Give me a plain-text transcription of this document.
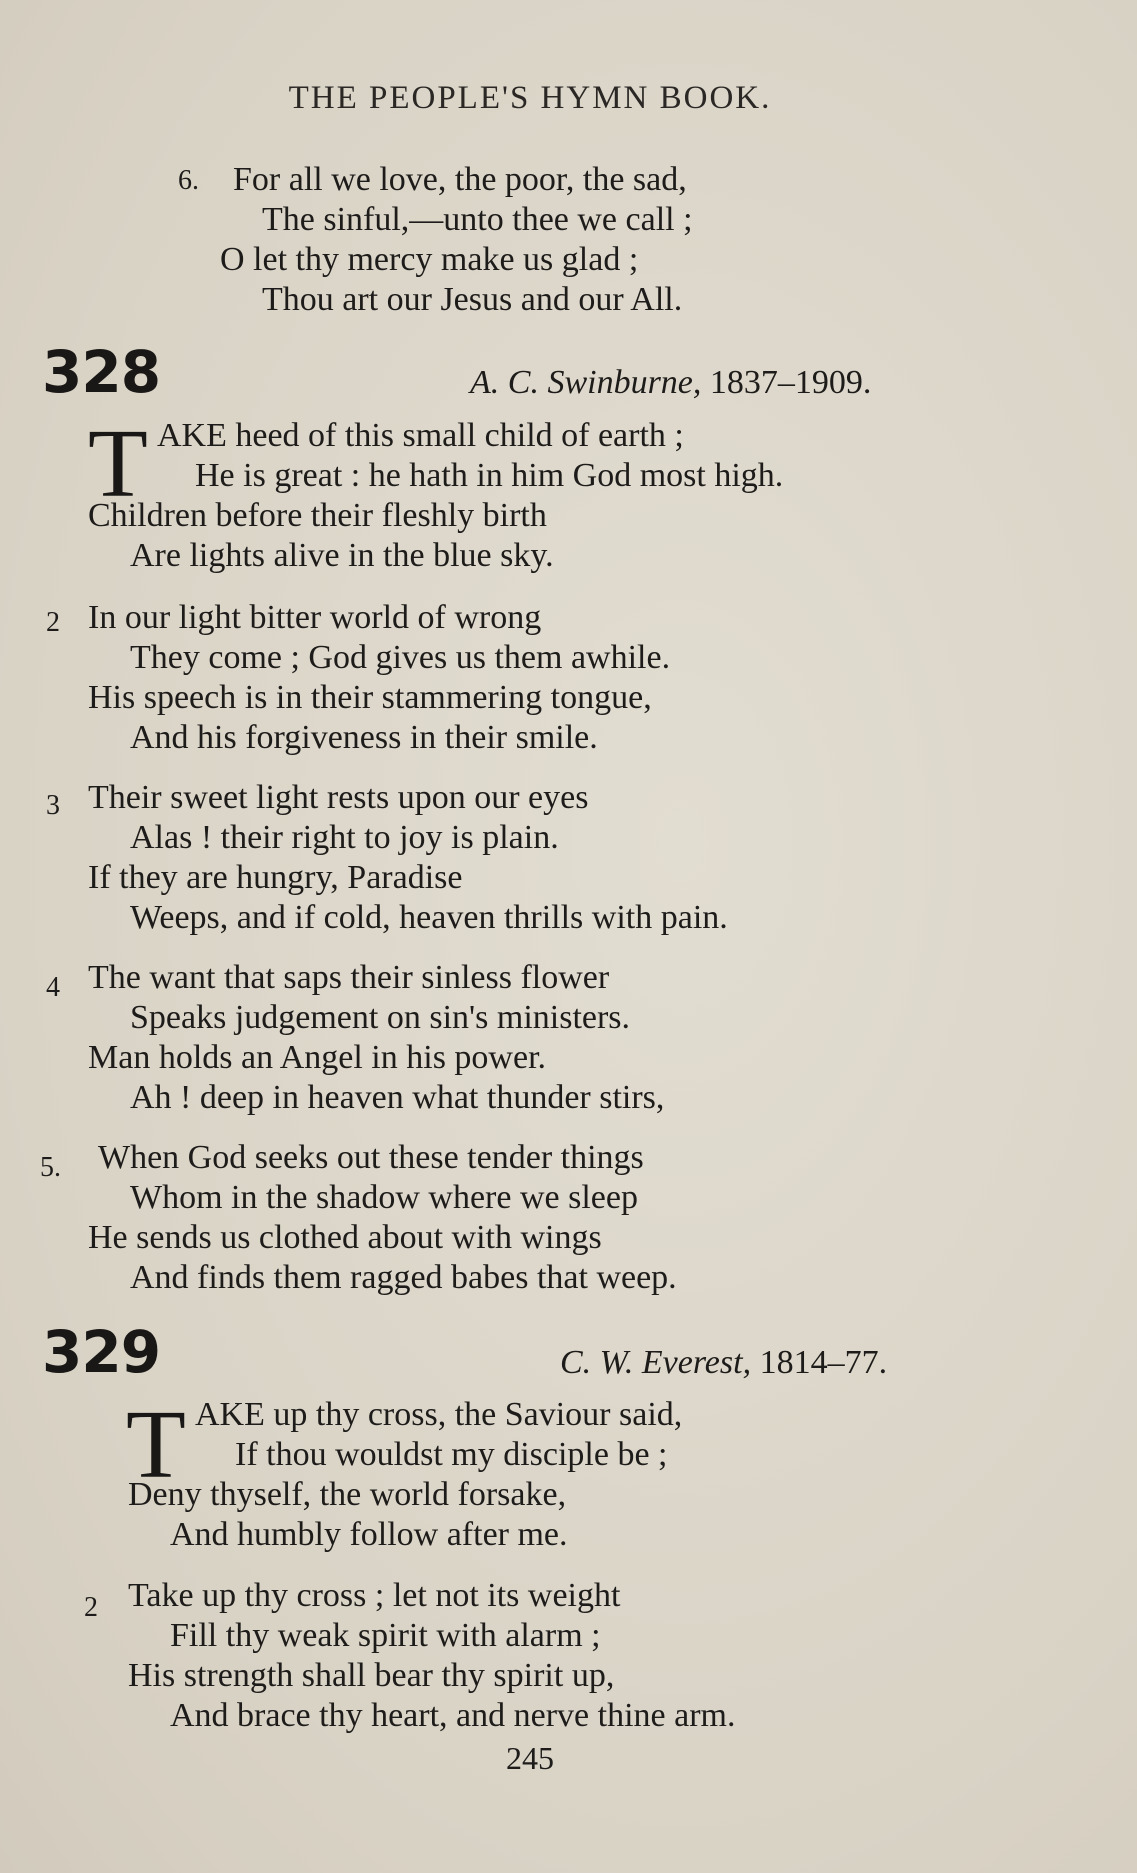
THE PEOPLE'S HYMN BOOK.
6. For all we love, the poor, the sad,
The sinful,—unto thee we call ;
O let thy mercy make us glad ;
Thou art our Jesus and our All.
328	A. C. Swinburne, 1837–1909.
T AKE heed of this small child of earth ;
He is great : he hath in him God most high.
Children before their fleshly birth
Are lights alive in the blue sky.
2 In our light bitter world of wrong
They come ; God gives us them awhile.
His speech is in their stammering tongue,
And his forgiveness in their smile.
3 Their sweet light rests upon our eyes
Alas ! their right to joy is plain.
If they are hungry, Paradise
Weeps, and if cold, heaven thrills with pain.
4 The want that saps their sinless flower
Speaks judgement on sin's ministers.
Man holds an Angel in his power.
Ah ! deep in heaven what thunder stirs,
5. When God seeks out these tender things
Whom in the shadow where we sleep
He sends us clothed about with wings
And finds them ragged babes that weep.
329	C. W. Everest, 1814–77.
T AKE up thy cross, the Saviour said,
If thou wouldst my disciple be ;
Deny thyself, the world forsake,
And humbly follow after me.
2 Take up thy cross ; let not its weight
Fill thy weak spirit with alarm ;
His strength shall bear thy spirit up,
And brace thy heart, and nerve thine arm.
245
